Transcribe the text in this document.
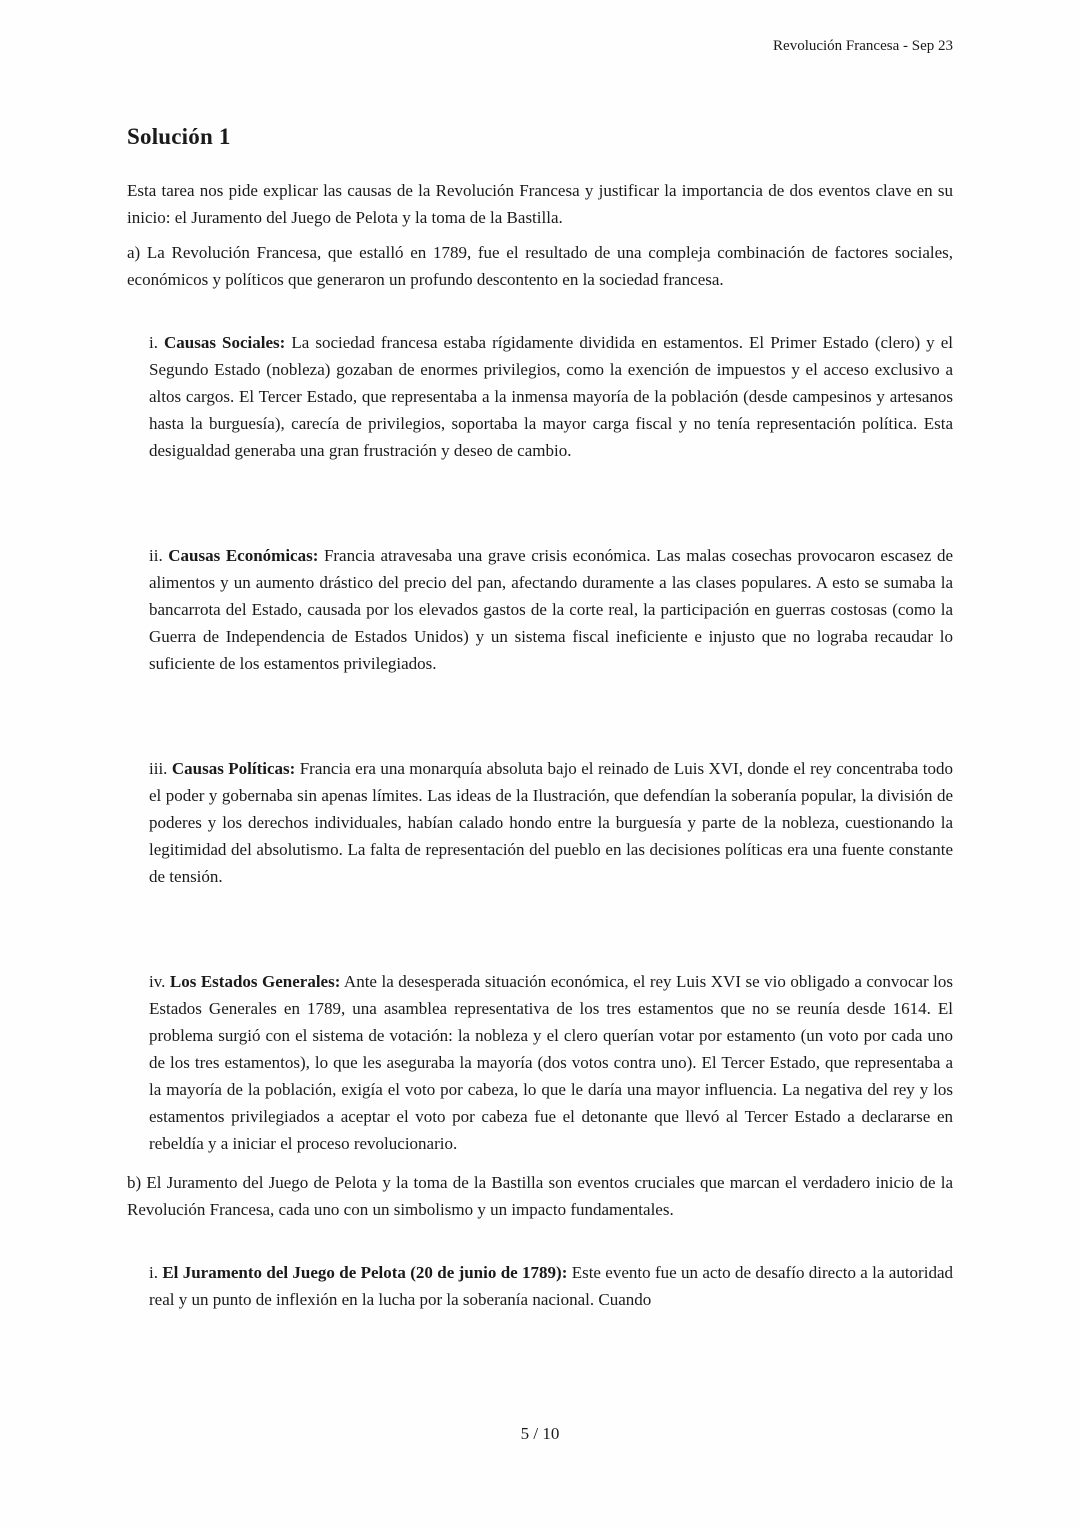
Revolución Francesa - Sep 23
Solución 1

Esta tarea nos pide explicar las causas de la Revolución Francesa y justificar la importancia de dos eventos clave en su inicio: el Juramento del Juego de Pelota y la toma de la Bastilla.

a) La Revolución Francesa, que estalló en 1789, fue el resultado de una compleja combinación de factores sociales, económicos y políticos que generaron un profundo descontento en la sociedad francesa.

i. Causas Sociales: La sociedad francesa estaba rígidamente dividida en estamentos. El Primer Estado (clero) y el Segundo Estado (nobleza) gozaban de enormes privilegios, como la exención de impuestos y el acceso exclusivo a altos cargos. El Tercer Estado, que representaba a la inmensa mayoría de la población (desde campesinos y artesanos hasta la burguesía), carecía de privilegios, soportaba la mayor carga fiscal y no tenía representación política. Esta desigualdad generaba una gran frustración y deseo de cambio.

ii. Causas Económicas: Francia atravesaba una grave crisis económica. Las malas cosechas provocaron escasez de alimentos y un aumento drástico del precio del pan, afectando duramente a las clases populares. A esto se sumaba la bancarrota del Estado, causada por los elevados gastos de la corte real, la participación en guerras costosas (como la Guerra de Independencia de Estados Unidos) y un sistema fiscal ineficiente e injusto que no lograba recaudar lo suficiente de los estamentos privilegiados.

iii. Causas Políticas: Francia era una monarquía absoluta bajo el reinado de Luis XVI, donde el rey concentraba todo el poder y gobernaba sin apenas límites. Las ideas de la Ilustración, que defendían la soberanía popular, la división de poderes y los derechos individuales, habían calado hondo entre la burguesía y parte de la nobleza, cuestionando la legitimidad del absolutismo. La falta de representación del pueblo en las decisiones políticas era una fuente constante de tensión.

iv. Los Estados Generales: Ante la desesperada situación económica, el rey Luis XVI se vio obligado a convocar los Estados Generales en 1789, una asamblea representativa de los tres estamentos que no se reunía desde 1614. El problema surgió con el sistema de votación: la nobleza y el clero querían votar por estamento (un voto por cada uno de los tres estamentos), lo que les aseguraba la mayoría (dos votos contra uno). El Tercer Estado, que representaba a la mayoría de la población, exigía el voto por cabeza, lo que le daría una mayor influencia. La negativa del rey y los estamentos privilegiados a aceptar el voto por cabeza fue el detonante que llevó al Tercer Estado a declararse en rebeldía y a iniciar el proceso revolucionario.

b) El Juramento del Juego de Pelota y la toma de la Bastilla son eventos cruciales que marcan el verdadero inicio de la Revolución Francesa, cada uno con un simbolismo y un impacto fundamentales.

i. El Juramento del Juego de Pelota (20 de junio de 1789): Este evento fue un acto de desafío directo a la autoridad real y un punto de inflexión en la lucha por la soberanía nacional. Cuando

5 / 10
